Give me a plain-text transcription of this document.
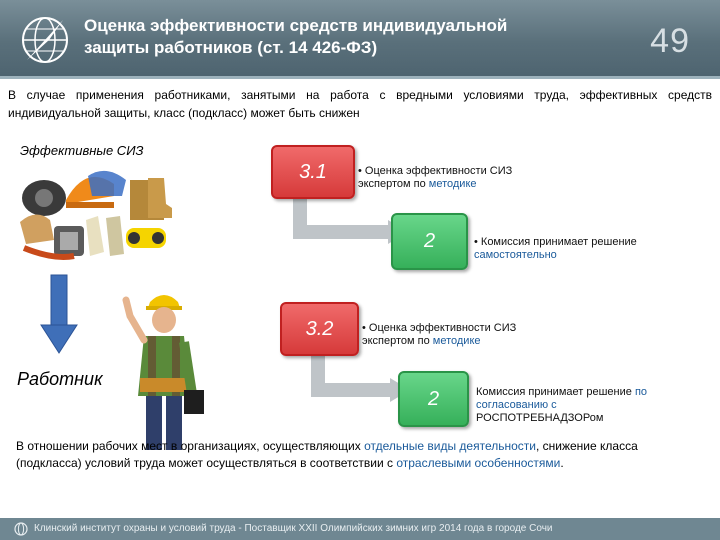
Оценка эффективности средств индивидуальной
защиты работников (ст. 14 426-ФЗ)	49
В случае применения работниками, занятыми на работа с вредными условиями труда, эффективных средств индивидуальной защиты, класс (подкласс) может быть снижен
Эффективные СИЗ
Работник
3.1	• Оценка эффективности СИЗ экспертом по методике
2	• Комиссия принимает решение самостоятельно
3.2	• Оценка эффективности СИЗ экспертом по методике
2	Комиссия принимает решение по согласованию с РОСПОТРЕБНАДЗОРом
В отношении рабочих мест в организациях, осуществляющих отдельные виды деятельности, снижение класса (подкласса) условий труда может осуществляться в соответствии с отраслевыми особенностями.
Клинский институт охраны и условий труда - Поставщик XXII Олимпийских зимних игр 2014 года в городе Сочи
